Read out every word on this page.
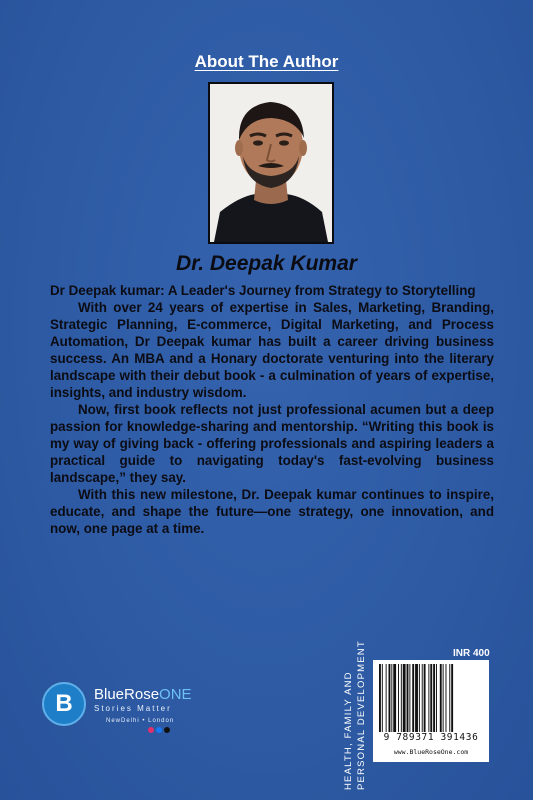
About The Author
Dr. Deepak Kumar

Dr Deepak kumar: A Leader's Journey from Strategy to Storytelling

With over 24 years of expertise in Sales, Marketing, Branding, Strategic Planning, E-commerce, Digital Marketing, and Process Automation, Dr Deepak kumar has built a career driving business success. An MBA and a Honary doctorate venturing into the literary landscape with their debut book - a culmination of years of expertise, insights, and industry wisdom.

Now, first book reflects not just professional acumen but a deep passion for knowledge-sharing and mentorship. “Writing this book is my way of giving back - offering professionals and aspiring leaders a practical guide to navigating today's fast-evolving business landscape,” they say.

With this new milestone, Dr. Deepak kumar continues to inspire, educate, and shape the future—one strategy, one innovation, and now, one page at a time.

B	BlueRoseONE
Stories Matter
NewDelhi • London	HEALTH, FAMILY AND PERSONAL DEVELOPMENT	INR 400
9 789371 391436
www.BlueRoseOne.com
